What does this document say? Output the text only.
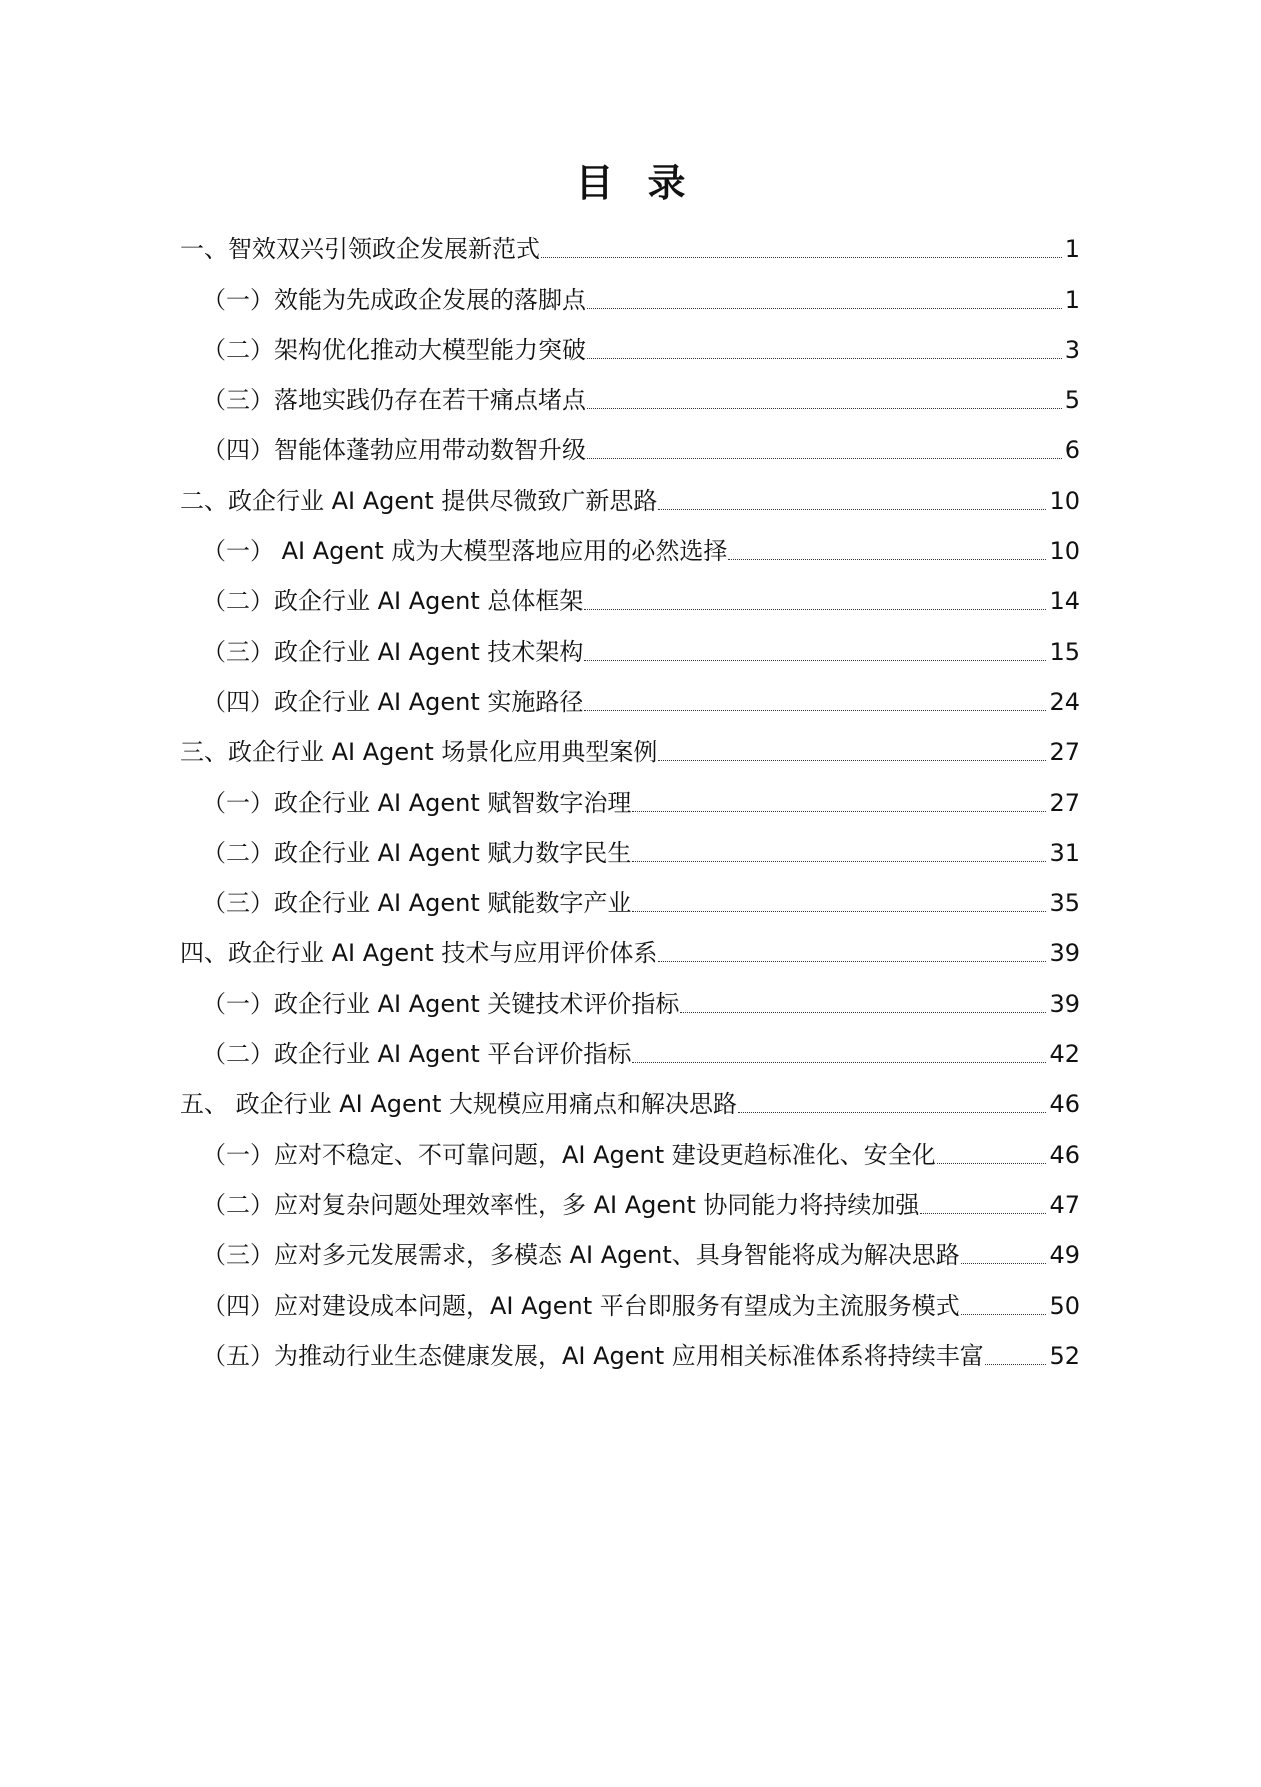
目 录
一、智效双兴引领政企发展新范式	1
（一）效能为先成政企发展的落脚点	1
（二）架构优化推动大模型能力突破	3
（三）落地实践仍存在若干痛点堵点	5
（四）智能体蓬勃应用带动数智升级	6
二、政企行业 AI Agent 提供尽微致广新思路	10
（一） AI Agent 成为大模型落地应用的必然选择	10
（二）政企行业 AI Agent 总体框架	14
（三）政企行业 AI Agent 技术架构	15
（四）政企行业 AI Agent 实施路径	24
三、政企行业 AI Agent 场景化应用典型案例	27
（一）政企行业 AI Agent 赋智数字治理	27
（二）政企行业 AI Agent 赋力数字民生	31
（三）政企行业 AI Agent 赋能数字产业	35
四、政企行业 AI Agent 技术与应用评价体系	39
（一）政企行业 AI Agent 关键技术评价指标	39
（二）政企行业 AI Agent 平台评价指标	42
五、 政企行业 AI Agent 大规模应用痛点和解决思路	46
（一）应对不稳定、不可靠问题，AI Agent 建设更趋标准化、安全化	46
（二）应对复杂问题处理效率性，多 AI Agent 协同能力将持续加强	47
（三）应对多元发展需求，多模态 AI Agent、具身智能将成为解决思路	49
（四）应对建设成本问题，AI Agent 平台即服务有望成为主流服务模式	50
（五）为推动行业生态健康发展，AI Agent 应用相关标准体系将持续丰富	52
